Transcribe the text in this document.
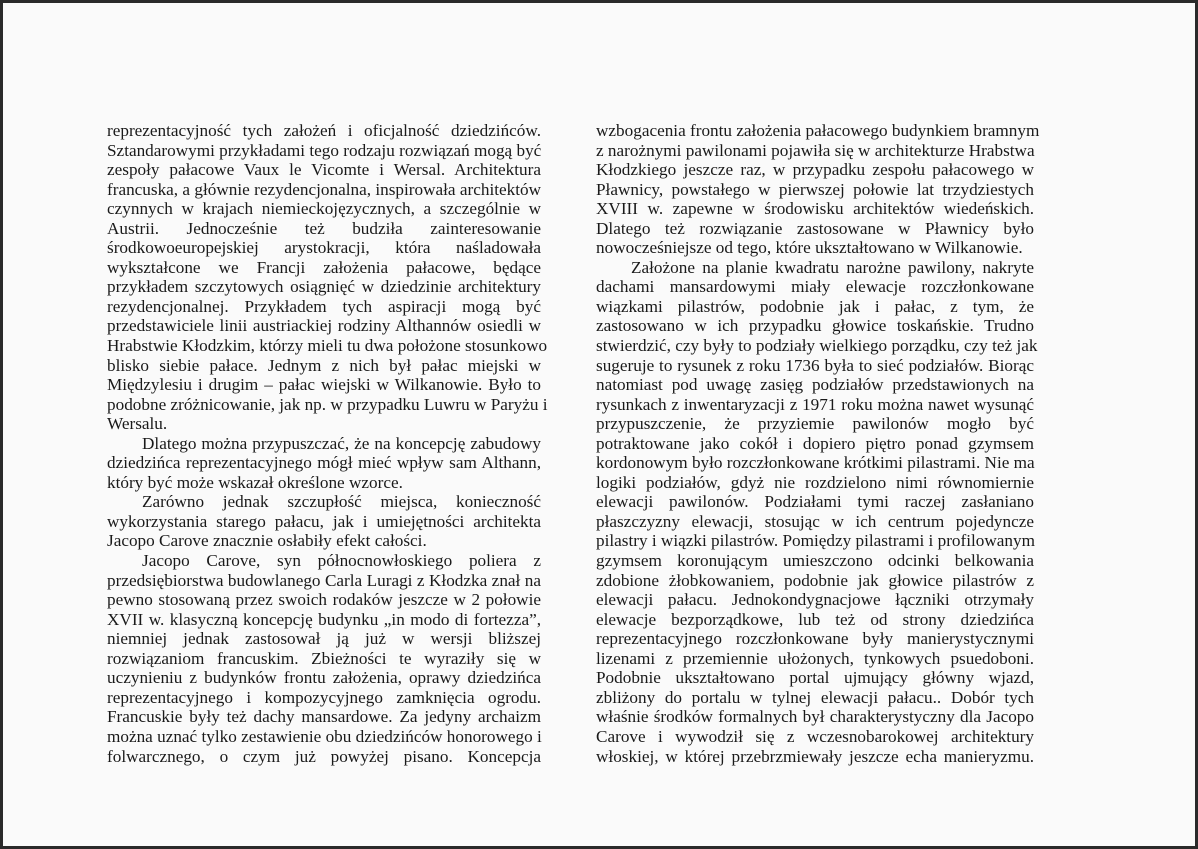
reprezentacyjność tych założeń i oficjalność dziedzińców.
Sztandarowymi przykładami tego rodzaju rozwiązań mogą być
zespoły pałacowe Vaux le Vicomte i Wersal. Architektura
francuska, a głównie rezydencjonalna, inspirowała architektów
czynnych w krajach niemieckojęzycznych, a szczególnie w
Austrii. Jednocześnie też budziła zainteresowanie
środkowoeuropejskiej arystokracji, która naśladowała
wykształcone we Francji założenia pałacowe, będące
przykładem szczytowych osiągnięć w dziedzinie architektury
rezydencjonalnej. Przykładem tych aspiracji mogą być
przedstawiciele linii austriackiej rodziny Althannów osiedli w
Hrabstwie Kłodzkim, którzy mieli tu dwa położone stosunkowo
blisko siebie pałace. Jednym z nich był pałac miejski w
Międzylesiu i drugim – pałac wiejski w Wilkanowie. Było to
podobne zróżnicowanie, jak np. w przypadku Luwru w Paryżu i
Wersalu.

Dlatego można przypuszczać, że na koncepcję zabudowy
dziedzińca reprezentacyjnego mógł mieć wpływ sam Althann,
który być może wskazał określone wzorce.

Zarówno jednak szczupłość miejsca, konieczność
wykorzystania starego pałacu, jak i umiejętności architekta
Jacopo Carove znacznie osłabiły efekt całości.

Jacopo Carove, syn północnowłoskiego poliera z
przedsiębiorstwa budowlanego Carla Luragi z Kłodzka znał na
pewno stosowaną przez swoich rodaków jeszcze w 2 połowie
XVII w. klasyczną koncepcję budynku „in modo di fortezza”,
niemniej jednak zastosował ją już w wersji bliższej
rozwiązaniom francuskim. Zbieżności te wyraziły się w
uczynieniu z budynków frontu założenia, oprawy dziedzińca
reprezentacyjnego i kompozycyjnego zamknięcia ogrodu.
Francuskie były też dachy mansardowe. Za jedyny archaizm
można uznać tylko zestawienie obu dziedzińców honorowego i
folwarcznego, o czym już powyżej pisano. Koncepcja

wzbogacenia frontu założenia pałacowego budynkiem bramnym
z narożnymi pawilonami pojawiła się w architekturze Hrabstwa
Kłodzkiego jeszcze raz, w przypadku zespołu pałacowego w
Pławnicy, powstałego w pierwszej połowie lat trzydziestych
XVIII w. zapewne w środowisku architektów wiedeńskich.
Dlatego też rozwiązanie zastosowane w Pławnicy było
nowocześniejsze od tego, które ukształtowano w Wilkanowie.

Założone na planie kwadratu narożne pawilony, nakryte
dachami mansardowymi miały elewacje rozczłonkowane
wiązkami pilastrów, podobnie jak i pałac, z tym, że
zastosowano w ich przypadku głowice toskańskie. Trudno
stwierdzić, czy były to podziały wielkiego porządku, czy też jak
sugeruje to rysunek z roku 1736 była to sieć podziałów. Biorąc
natomiast pod uwagę zasięg podziałów przedstawionych na
rysunkach z inwentaryzacji z 1971 roku można nawet wysunąć
przypuszczenie, że przyziemie pawilonów mogło być
potraktowane jako cokół i dopiero piętro ponad gzymsem
kordonowym było rozczłonkowane krótkimi pilastrami. Nie ma
logiki podziałów, gdyż nie rozdzielono nimi równomiernie
elewacji pawilonów. Podziałami tymi raczej zasłaniano
płaszczyzny elewacji, stosując w ich centrum pojedyncze
pilastry i wiązki pilastrów. Pomiędzy pilastrami i profilowanym
gzymsem koronującym umieszczono odcinki belkowania
zdobione żłobkowaniem, podobnie jak głowice pilastrów z
elewacji pałacu. Jednokondygnacjowe łączniki otrzymały
elewacje bezporządkowe, lub też od strony dziedzińca
reprezentacyjnego rozczłonkowane były manierystycznymi
lizenami z przemiennie ułożonych, tynkowych psuedoboni.
Podobnie ukształtowano portal ujmujący główny wjazd,
zbliżony do portalu w tylnej elewacji pałacu.. Dobór tych
właśnie środków formalnych był charakterystyczny dla Jacopo
Carove i wywodził się z wczesnobarokowej architektury
włoskiej, w której przebrzmiewały jeszcze echa manieryzmu.
